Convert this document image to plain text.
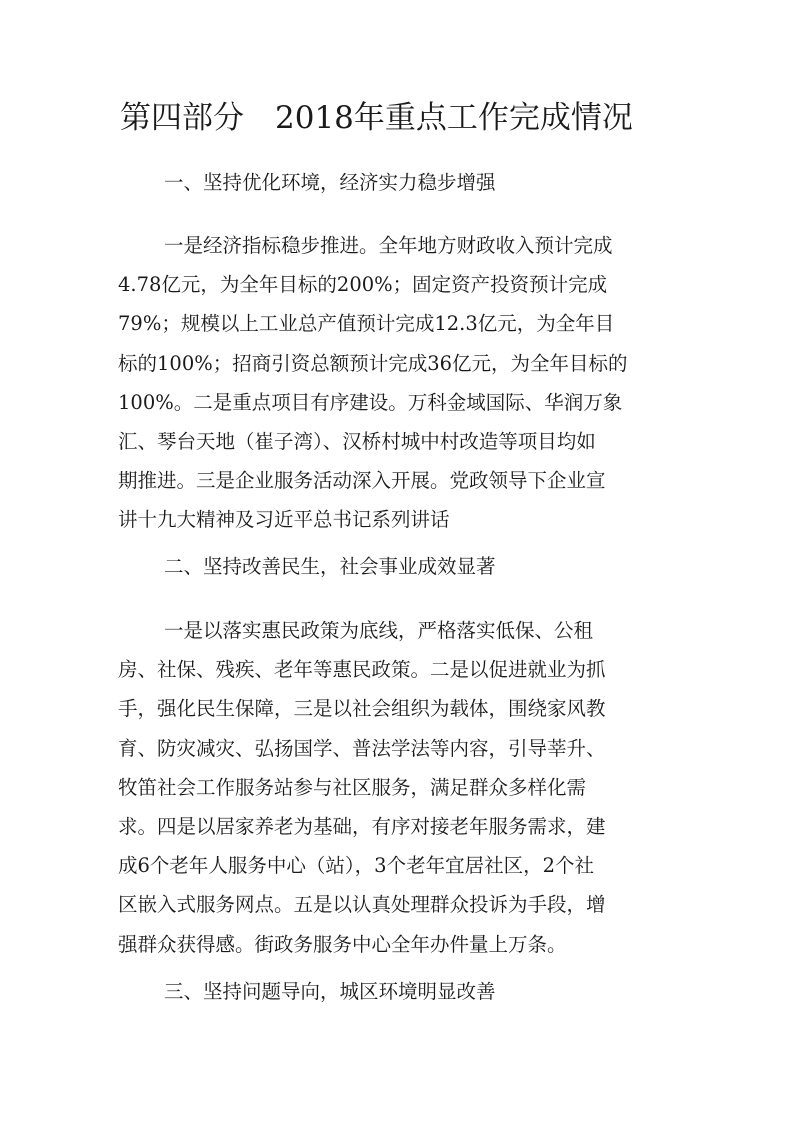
第四部分　2018年重点工作完成情况
一、坚持优化环境，经济实力稳步增强
一是经济指标稳步推进。全年地方财政收入预计完成
4.78亿元，为全年目标的200%；固定资产投资预计完成
79%；规模以上工业总产值预计完成12.3亿元，为全年目
标的100%；招商引资总额预计完成36亿元，为全年目标的
100%。二是重点项目有序建设。万科金域国际、华润万象
汇、琴台天地（崔子湾）、汉桥村城中村改造等项目均如
期推进。三是企业服务活动深入开展。党政领导下企业宣
讲十九大精神及习近平总书记系列讲话
二、坚持改善民生，社会事业成效显著
一是以落实惠民政策为底线，严格落实低保、公租
房、社保、残疾、老年等惠民政策。二是以促进就业为抓
手，强化民生保障，三是以社会组织为载体，围绕家风教
育、防灾减灾、弘扬国学、普法学法等内容，引导莘升、
牧笛社会工作服务站参与社区服务，满足群众多样化需
求。四是以居家养老为基础，有序对接老年服务需求，建
成6个老年人服务中心（站），3个老年宜居社区，2个社
区嵌入式服务网点。五是以认真处理群众投诉为手段，增
强群众获得感。街政务服务中心全年办件量上万条。
三、坚持问题导向，城区环境明显改善
